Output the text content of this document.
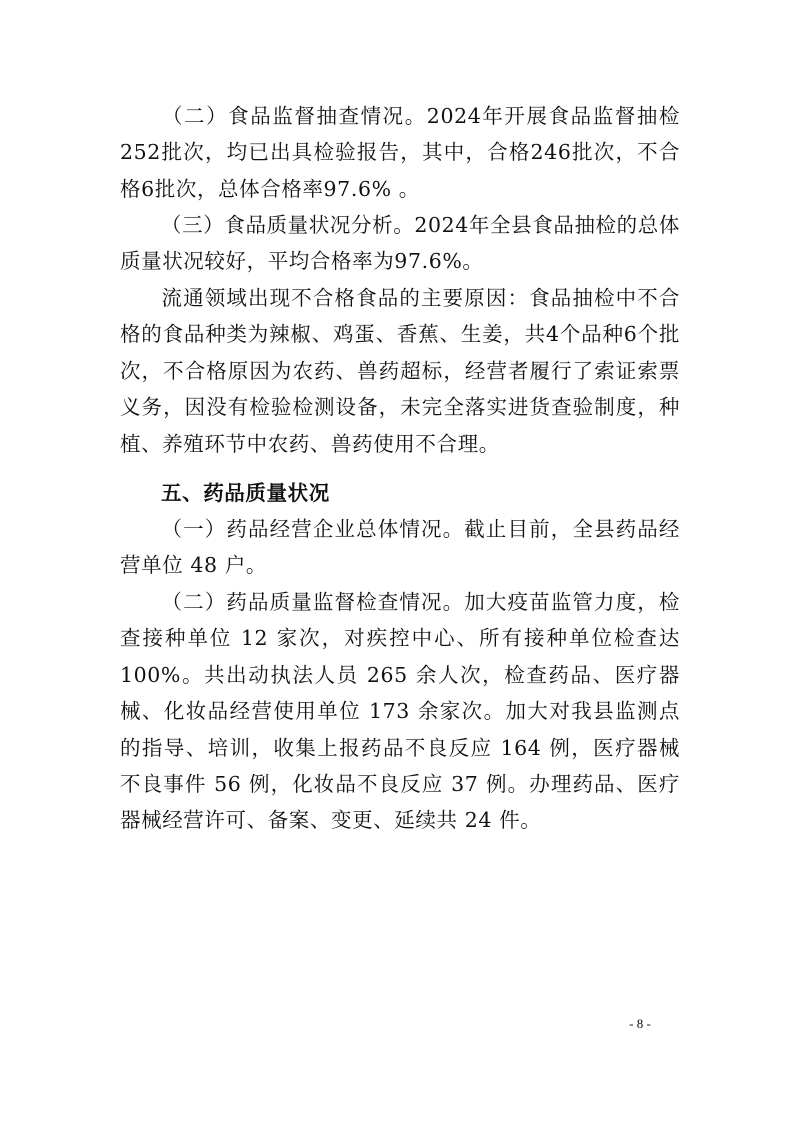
（二）食品监督抽查情况。2024年开展食品监督抽检252批次，均已出具检验报告，其中，合格246批次，不合格6批次，总体合格率97.6% 。

（三）食品质量状况分析。2024年全县食品抽检的总体质量状况较好，平均合格率为97.6%。

流通领域出现不合格食品的主要原因：食品抽检中不合格的食品种类为辣椒、鸡蛋、香蕉、生姜，共4个品种6个批次，不合格原因为农药、兽药超标，经营者履行了索证索票义务，因没有检验检测设备，未完全落实进货查验制度，种植、养殖环节中农药、兽药使用不合理。

五、药品质量状况

（一）药品经营企业总体情况。截止目前，全县药品经营单位 48 户。

（二）药品质量监督检查情况。加大疫苗监管力度，检查接种单位 12 家次，对疾控中心、所有接种单位检查达 100%。共出动执法人员 265 余人次，检查药品、医疗器械、化妆品经营使用单位 173 余家次。加大对我县监测点的指导、培训，收集上报药品不良反应 164 例，医疗器械不良事件 56 例，化妆品不良反应 37 例。办理药品、医疗器械经营许可、备案、变更、延续共 24 件。

- 8 -
